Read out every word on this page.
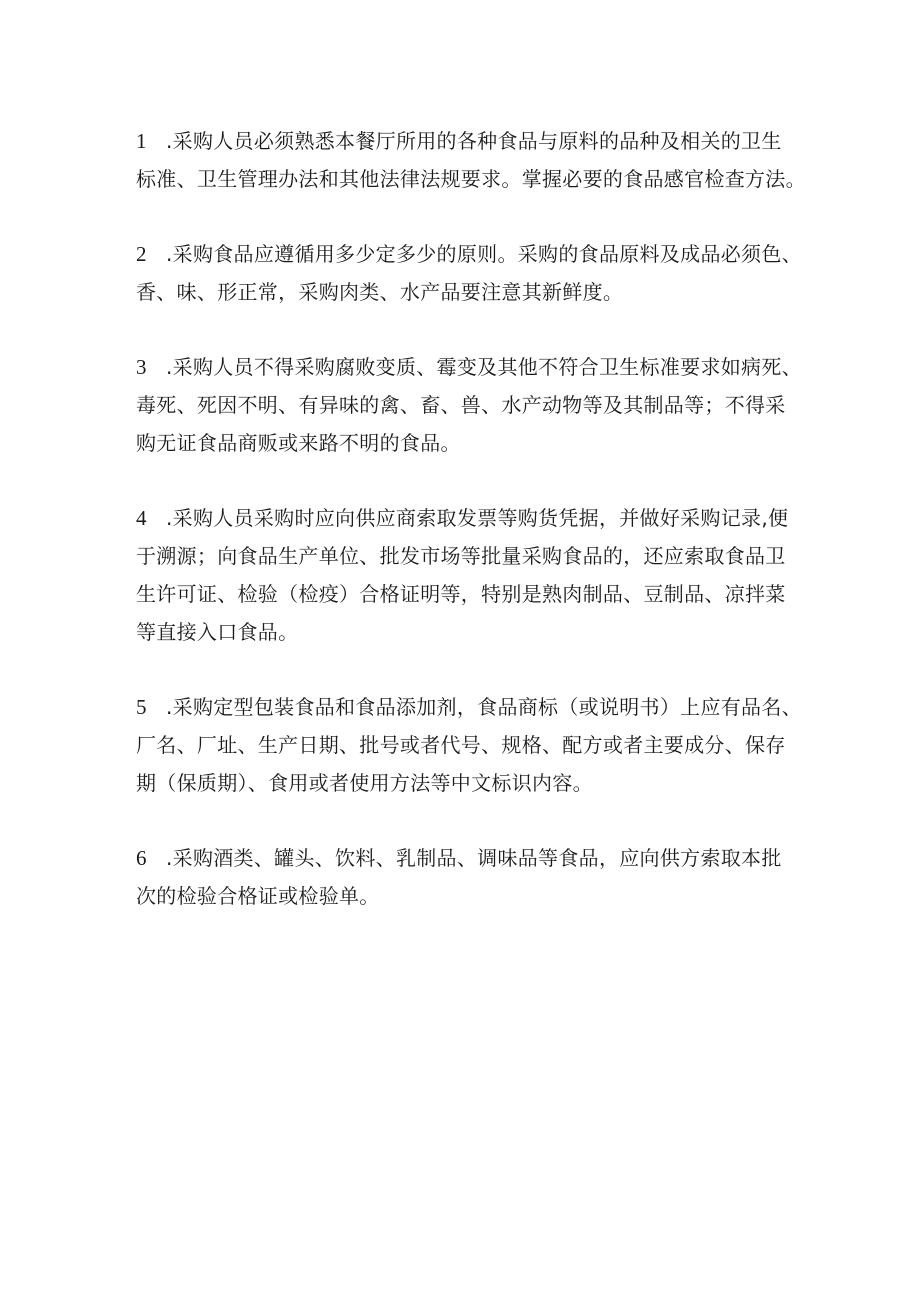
1 .采购人员必须熟悉本餐厅所用的各种食品与原料的品种及相关的卫生
标准、卫生管理办法和其他法律法规要求。掌握必要的食品感官检查方法。
2 .采购食品应遵循用多少定多少的原则。采购的食品原料及成品必须色、
香、味、形正常，采购肉类、水产品要注意其新鲜度。
3 .采购人员不得采购腐败变质、霉变及其他不符合卫生标准要求如病死、
毒死、死因不明、有异味的禽、畜、兽、水产动物等及其制品等；不得采
购无证食品商贩或来路不明的食品。
4 .采购人员采购时应向供应商索取发票等购货凭据，并做好采购记录,便
于溯源；向食品生产单位、批发市场等批量采购食品的，还应索取食品卫
生许可证、检验（检疫）合格证明等，特别是熟肉制品、豆制品、凉拌菜
等直接入口食品。
5 .采购定型包装食品和食品添加剂，食品商标（或说明书）上应有品名、
厂名、厂址、生产日期、批号或者代号、规格、配方或者主要成分、保存
期（保质期）、食用或者使用方法等中文标识内容。
6 .采购酒类、罐头、饮料、乳制品、调味品等食品，应向供方索取本批
次的检验合格证或检验单。
